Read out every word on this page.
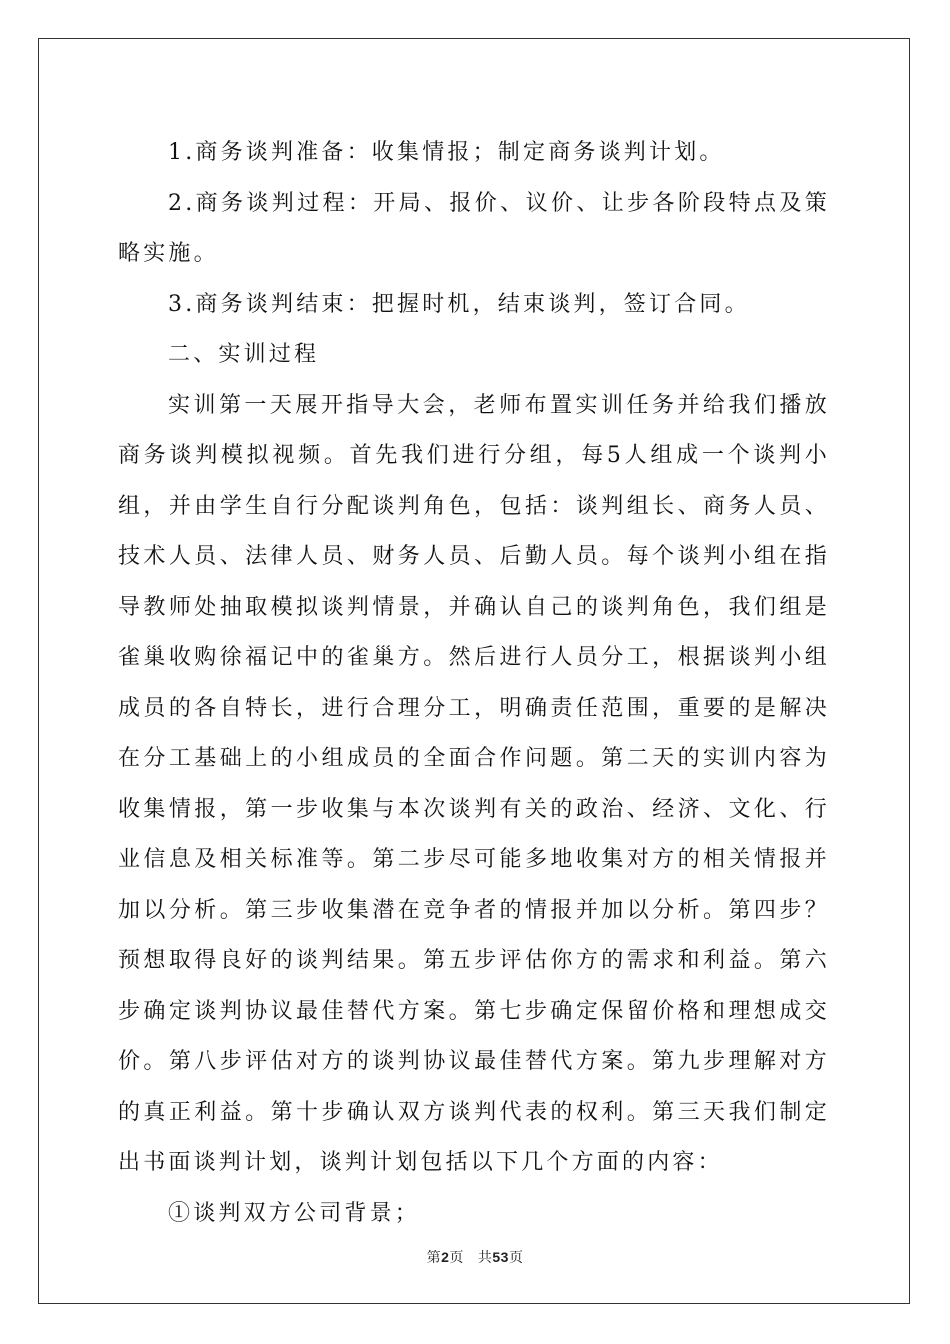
1.商务谈判准备：收集情报；制定商务谈判计划。

2.商务谈判过程：开局、报价、议价、让步各阶段特点及策略实施。

3.商务谈判结束：把握时机，结束谈判，签订合同。

二、实训过程

实训第一天展开指导大会，老师布置实训任务并给我们播放商务谈判模拟视频。首先我们进行分组，每5人组成一个谈判小组，并由学生自行分配谈判角色，包括：谈判组长、商务人员、技术人员、法律人员、财务人员、后勤人员。每个谈判小组在指导教师处抽取模拟谈判情景，并确认自己的谈判角色，我们组是雀巢收购徐福记中的雀巢方。然后进行人员分工，根据谈判小组成员的各自特长，进行合理分工，明确责任范围，重要的是解决在分工基础上的小组成员的全面合作问题。第二天的实训内容为收集情报，第一步收集与本次谈判有关的政治、经济、文化、行业信息及相关标准等。第二步尽可能多地收集对方的相关情报并加以分析。第三步收集潜在竞争者的情报并加以分析。第四步？预想取得良好的谈判结果。第五步评估你方的需求和利益。第六步确定谈判协议最佳替代方案。第七步确定保留价格和理想成交价。第八步评估对方的谈判协议最佳替代方案。第九步理解对方的真正利益。第十步确认双方谈判代表的权利。第三天我们制定出书面谈判计划，谈判计划包括以下几个方面的内容：

①谈判双方公司背景；

第2页 共53页
